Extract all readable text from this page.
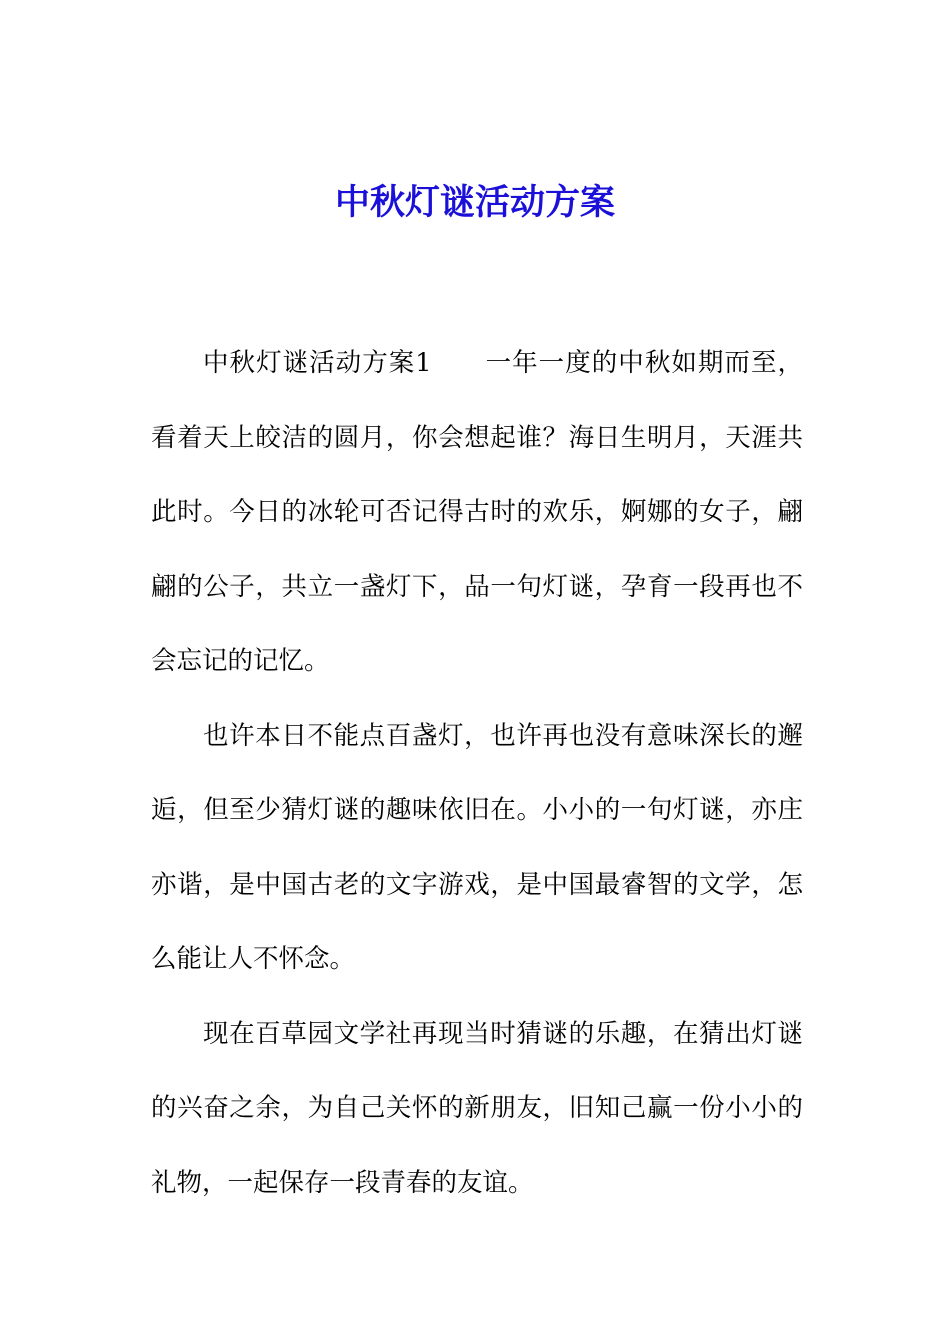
中秋灯谜活动方案

中秋灯谜活动方案1　　一年一度的中秋如期而至，看着天上皎洁的圆月，你会想起谁？海日生明月，天涯共此时。今日的冰轮可否记得古时的欢乐，婀娜的女子，翩翩的公子，共立一盏灯下，品一句灯谜，孕育一段再也不会忘记的记忆。

也许本日不能点百盏灯，也许再也没有意味深长的邂逅，但至少猜灯谜的趣味依旧在。小小的一句灯谜，亦庄亦谐，是中国古老的文字游戏，是中国最睿智的文学，怎么能让人不怀念。

现在百草园文学社再现当时猜谜的乐趣，在猜出灯谜的兴奋之余，为自己关怀的新朋友，旧知己赢一份小小的礼物，一起保存一段青春的友谊。
